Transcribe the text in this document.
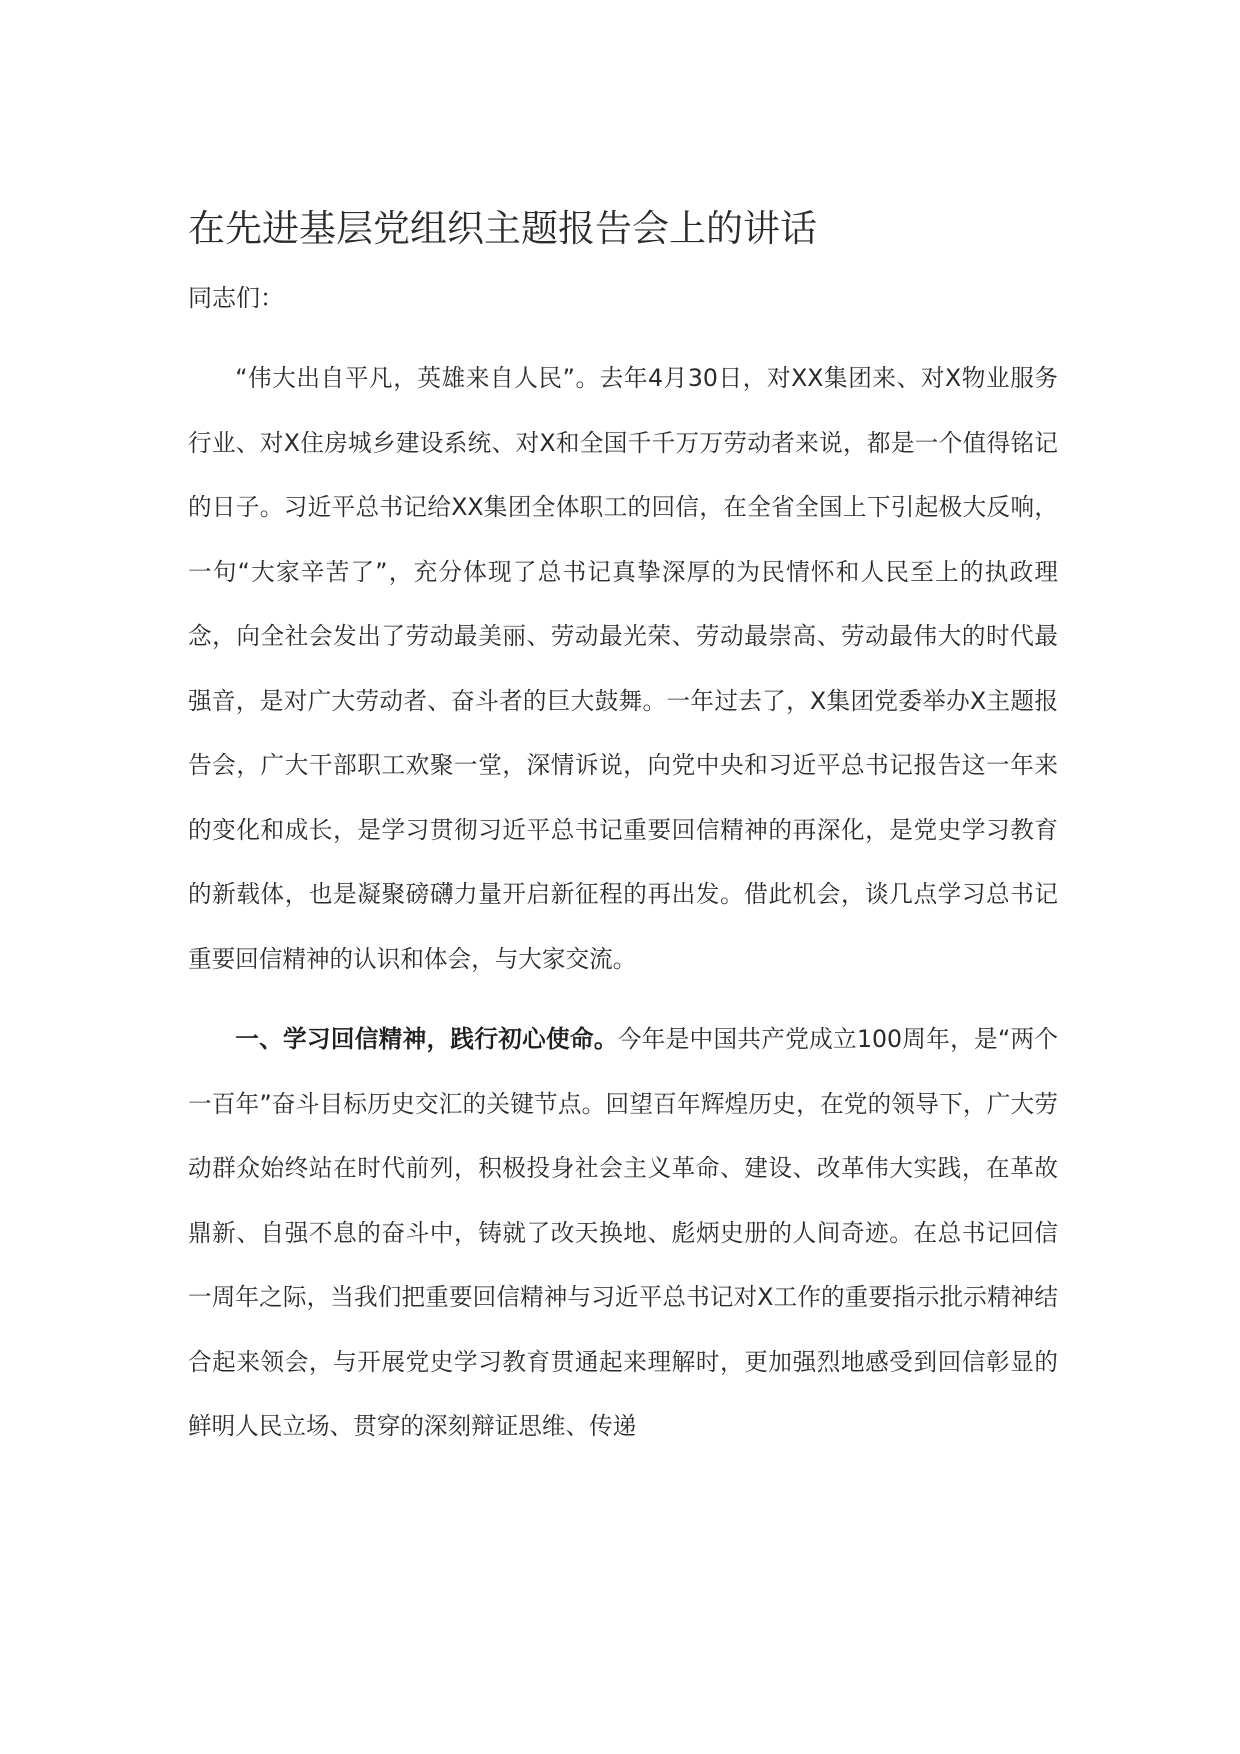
在先进基层党组织主题报告会上的讲话

同志们：

“伟大出自平凡，英雄来自人民”。去年4月30日，对XX集团来、对X物业服务行业、对X住房城乡建设系统、对X和全国千千万万劳动者来说，都是一个值得铭记的日子。习近平总书记给XX集团全体职工的回信，在全省全国上下引起极大反响，一句“大家辛苦了”，充分体现了总书记真挚深厚的为民情怀和人民至上的执政理念，向全社会发出了劳动最美丽、劳动最光荣、劳动最崇高、劳动最伟大的时代最强音，是对广大劳动者、奋斗者的巨大鼓舞。一年过去了，X集团党委举办X主题报告会，广大干部职工欢聚一堂，深情诉说，向党中央和习近平总书记报告这一年来的变化和成长，是学习贯彻习近平总书记重要回信精神的再深化，是党史学习教育的新载体，也是凝聚磅礴力量开启新征程的再出发。借此机会，谈几点学习总书记重要回信精神的认识和体会，与大家交流。

一、学习回信精神，践行初心使命。今年是中国共产党成立100周年，是“两个一百年”奋斗目标历史交汇的关键节点。回望百年辉煌历史，在党的领导下，广大劳动群众始终站在时代前列，积极投身社会主义革命、建设、改革伟大实践，在革故鼎新、自强不息的奋斗中，铸就了改天换地、彪炳史册的人间奇迹。在总书记回信一周年之际，当我们把重要回信精神与习近平总书记对X工作的重要指示批示精神结合起来领会，与开展党史学习教育贯通起来理解时，更加强烈地感受到回信彰显的鲜明人民立场、贯穿的深刻辩证思维、传递
